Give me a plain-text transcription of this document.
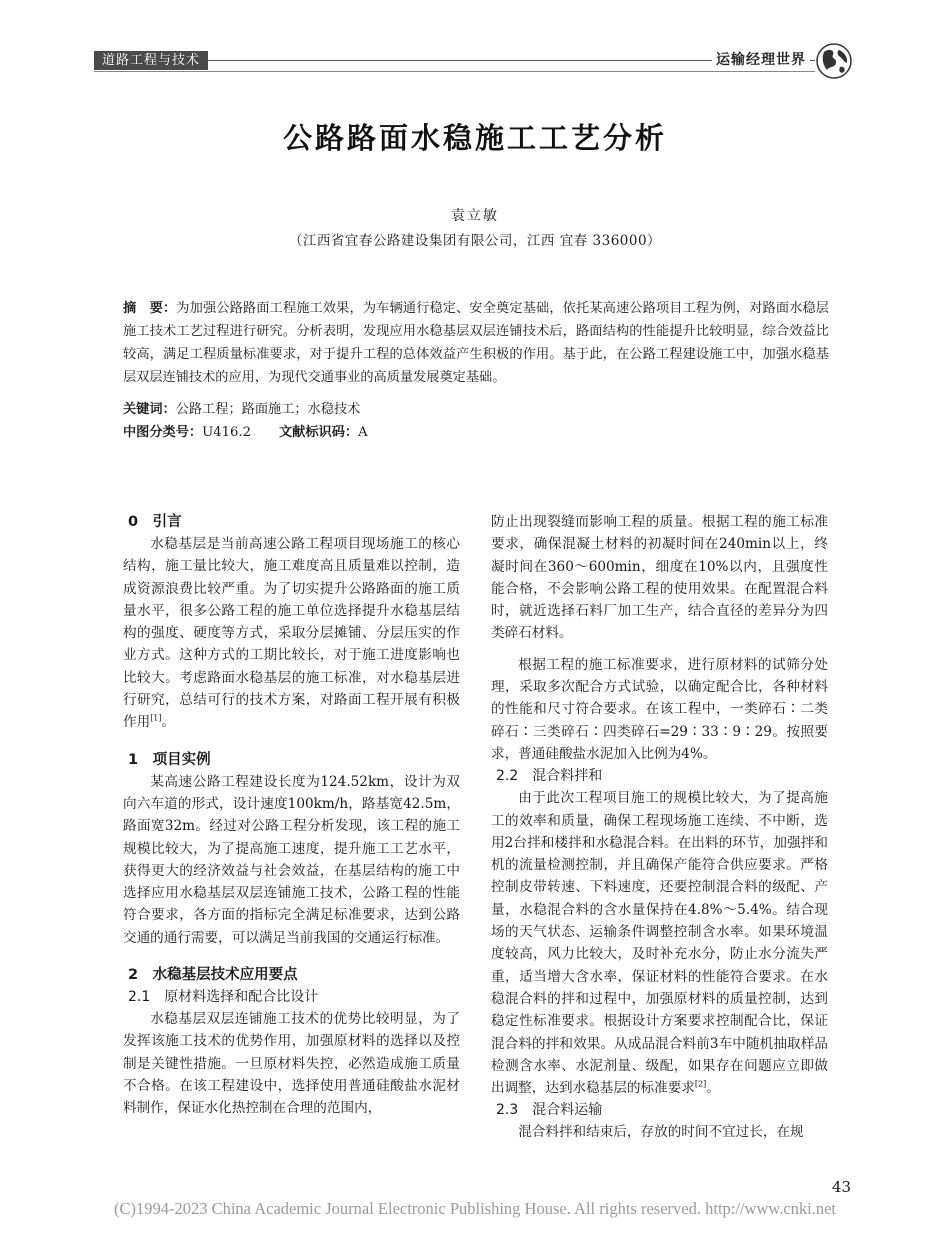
道路工程与技术	运输经理世界
公路路面水稳施工工艺分析
袁立敏
（江西省宜春公路建设集团有限公司，江西 宜春 336000）
摘　要：为加强公路路面工程施工效果，为车辆通行稳定、安全奠定基础，依托某高速公路项目工程为例，对路面水稳层施工技术工艺过程进行研究。分析表明，发现应用水稳基层双层连铺技术后，路面结构的性能提升比较明显，综合效益比较高，满足工程质量标准要求，对于提升工程的总体效益产生积极的作用。基于此，在公路工程建设施工中，加强水稳基层双层连铺技术的应用，为现代交通事业的高质量发展奠定基础。
关键词：公路工程；路面施工；水稳技术
中图分类号：U416.2 文献标识码：A
0　引言

水稳基层是当前高速公路工程项目现场施工的核心结构，施工量比较大，施工难度高且质量难以控制，造成资源浪费比较严重。为了切实提升公路路面的施工质量水平，很多公路工程的施工单位选择提升水稳基层结构的强度、硬度等方式，采取分层摊铺、分层压实的作业方式。这种方式的工期比较长，对于施工进度影响也比较大。考虑路面水稳基层的施工标准，对水稳基层进行研究，总结可行的技术方案，对路面工程开展有积极作用[1]。

1　项目实例

某高速公路工程建设长度为124.52km，设计为双向六车道的形式，设计速度100km/h，路基宽42.5m，路面宽32m。经过对公路工程分析发现，该工程的施工规模比较大，为了提高施工速度，提升施工工艺水平，获得更大的经济效益与社会效益，在基层结构的施工中选择应用水稳基层双层连铺施工技术，公路工程的性能符合要求，各方面的指标完全满足标准要求，达到公路交通的通行需要，可以满足当前我国的交通运行标准。

2　水稳基层技术应用要点
2.1　原材料选择和配合比设计

水稳基层双层连铺施工技术的优势比较明显，为了发挥该施工技术的优势作用，加强原材料的选择以及控制是关键性措施。一旦原材料失控，必然造成施工质量不合格。在该工程建设中，选择使用普通硅酸盐水泥材料制作，保证水化热控制在合理的范围内，

防止出现裂缝而影响工程的质量。根据工程的施工标准要求，确保混凝土材料的初凝时间在240min以上，终凝时间在360～600min，细度在10%以内，且强度性能合格，不会影响公路工程的使用效果。在配置混合料时，就近选择石料厂加工生产，结合直径的差异分为四类碎石材料。

根据工程的施工标准要求，进行原材料的试筛分处理，采取多次配合方式试验，以确定配合比，各种材料的性能和尺寸符合要求。在该工程中，一类碎石∶二类碎石∶三类碎石∶四类碎石=29∶33∶9∶29。按照要求，普通硅酸盐水泥加入比例为4%。

2.2　混合料拌和

由于此次工程项目施工的规模比较大，为了提高施工的效率和质量，确保工程现场施工连续、不中断，选用2台拌和楼拌和水稳混合料。在出料的环节，加强拌和机的流量检测控制，并且确保产能符合供应要求。严格控制皮带转速、下料速度，还要控制混合料的级配、产量，水稳混合料的含水量保持在4.8%～5.4%。结合现场的天气状态、运输条件调整控制含水率。如果环境温度较高，风力比较大，及时补充水分，防止水分流失严重，适当增大含水率，保证材料的性能符合要求。在水稳混合料的拌和过程中，加强原材料的质量控制，达到稳定性标准要求。根据设计方案要求控制配合比，保证混合料的拌和效果。从成品混合料前3车中随机抽取样品检测含水率、水泥剂量、级配，如果存在问题应立即做出调整，达到水稳基层的标准要求[2]。

2.3　混合料运输

混合料拌和结束后，存放的时间不宜过长，在规

43
(C)1994-2023 China Academic Journal Electronic Publishing House. All rights reserved. http://www.cnki.net
